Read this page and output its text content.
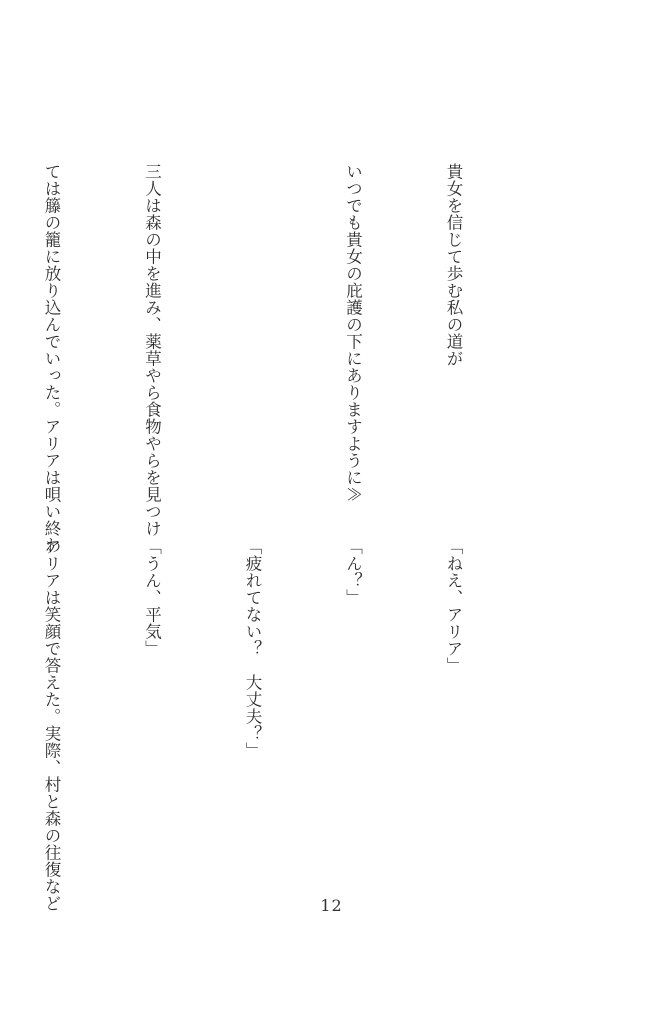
貴女を信じて歩む私の道が

いつでも貴女の庇護の下にありますように≫

三人は森の中を進み、薬草やら食物やらを見つけ

ては籐の籠に放り込んでいった。アリアは唄い終わ

「ねえ、アリア」

「ん？」

「疲れてない？　大丈夫？」

「うん、平気」

アリアは笑顔で答えた。実際、村と森の往復など

	12
